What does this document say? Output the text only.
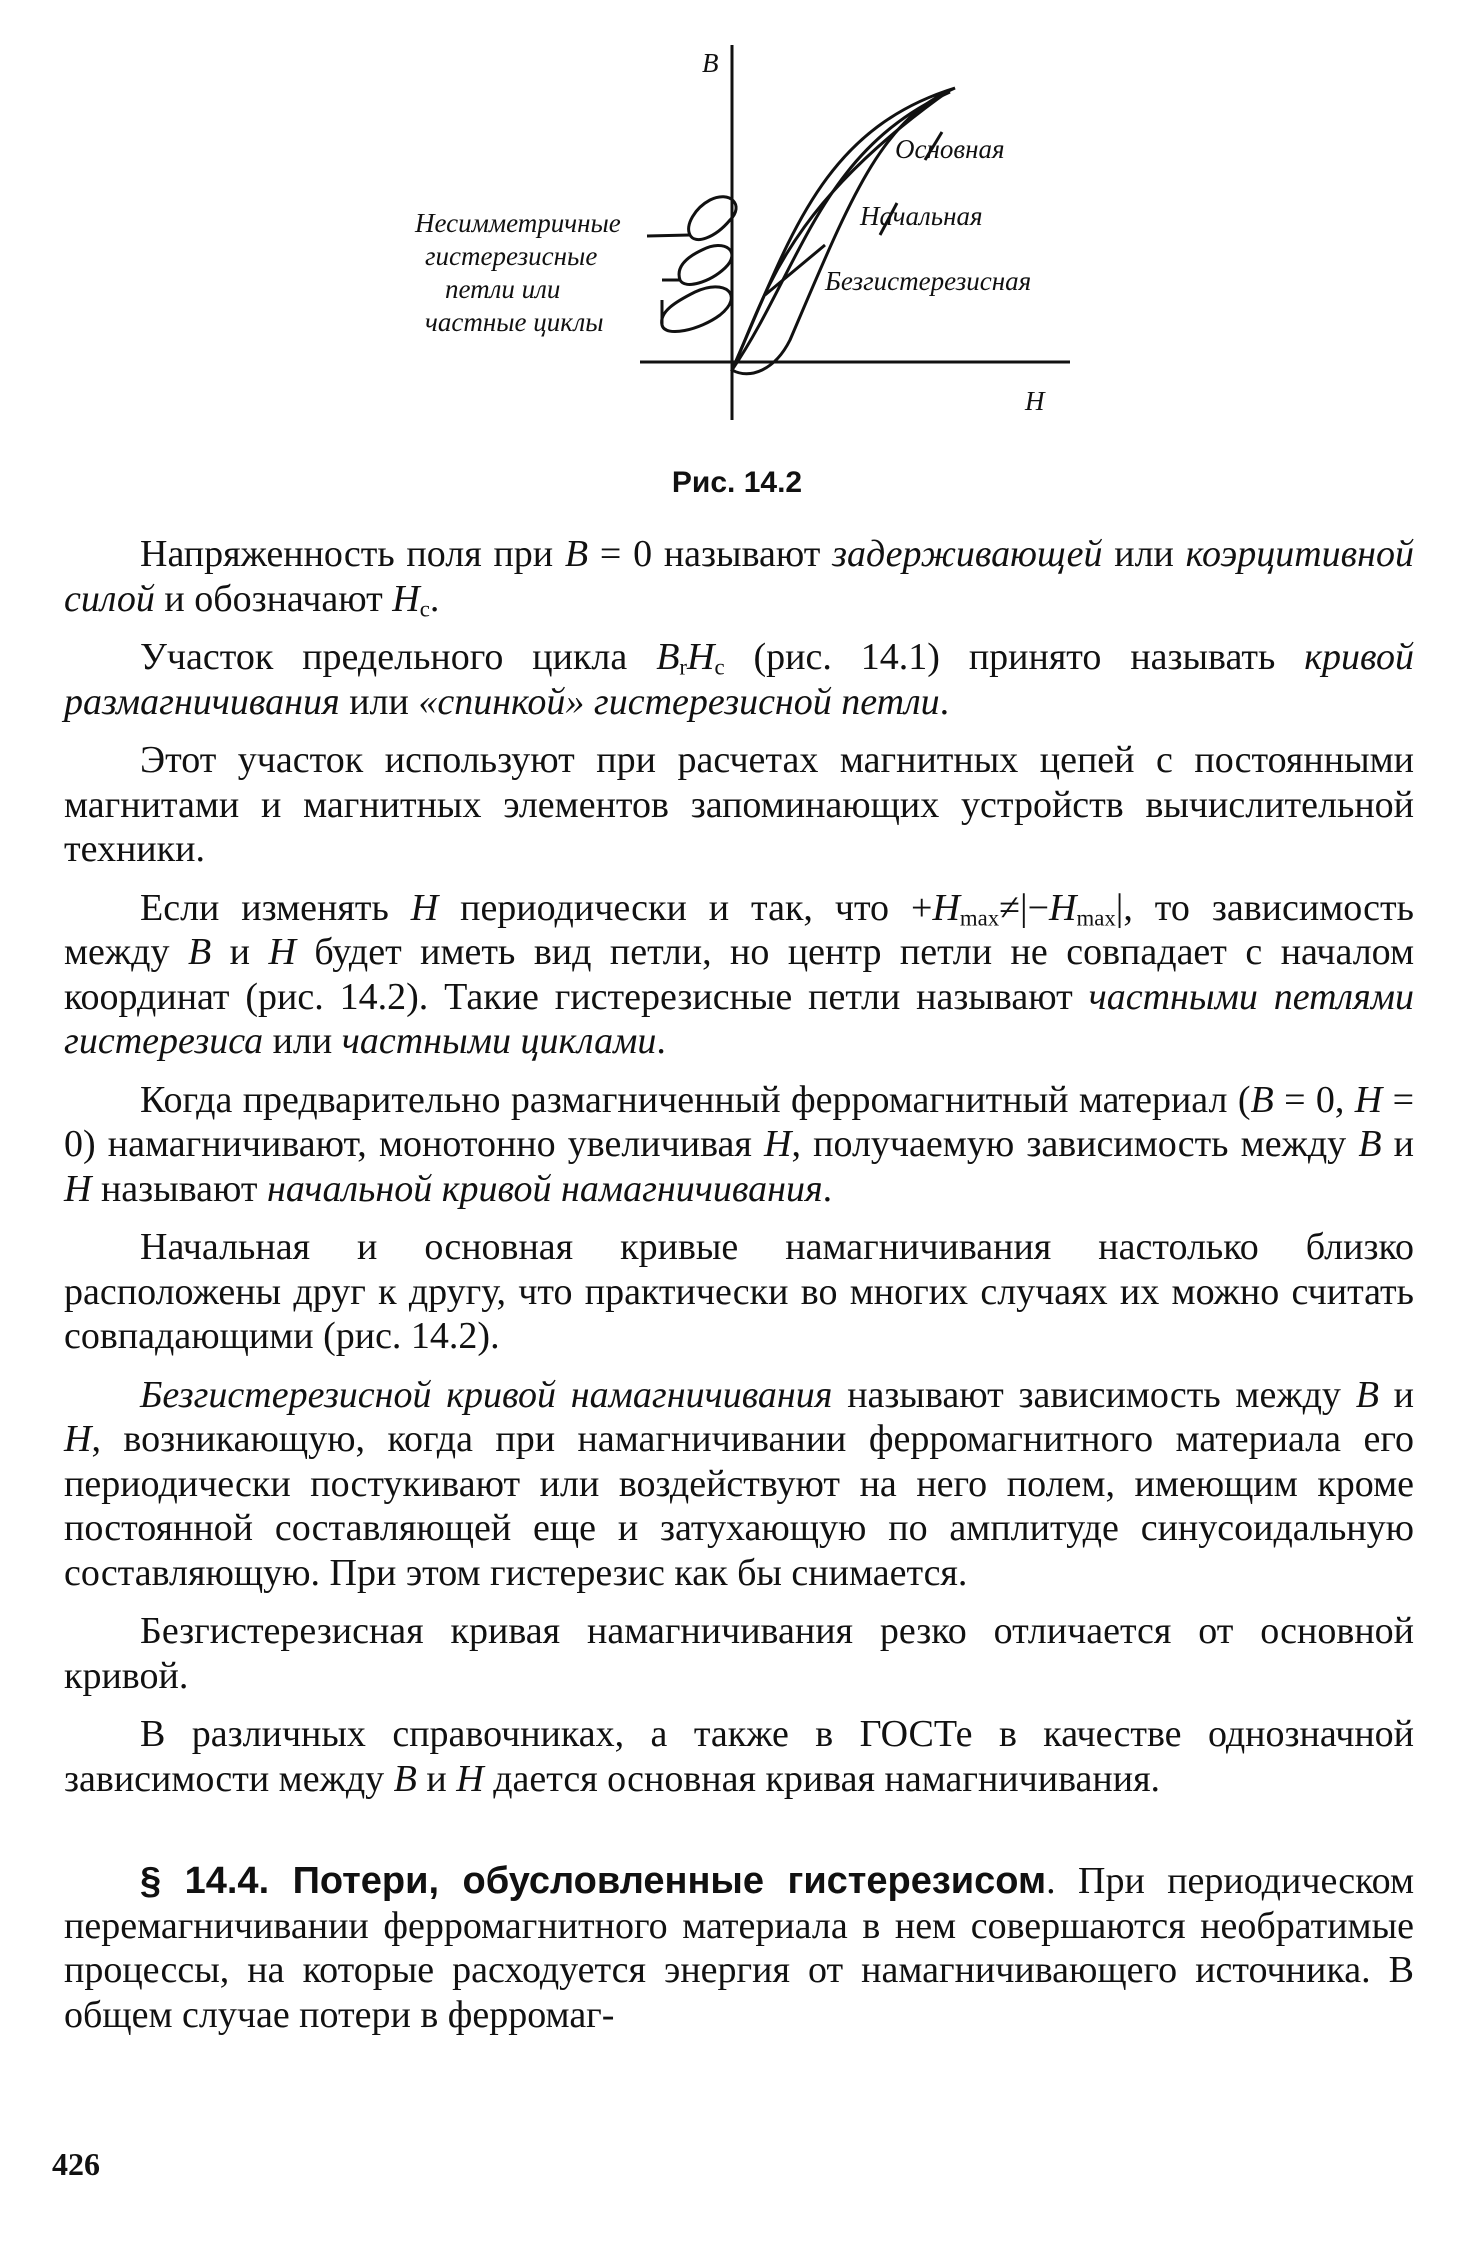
B
H
Основная
Начальная
Безгистерезисная
Несимметричные
гистерезисные
петли или
частные циклы
Рис. 14.2

Напряженность поля при B = 0 называют задерживающей или коэрцитивной силой и обозначают $H_c$.

Участок предельного цикла $B_rH_c$ (рис. 14.1) принято называть кривой размагничивания или «спинкой» гистерезисной петли.

Этот участок используют при расчетах магнитных цепей с постоянными магнитами и магнитных элементов запоминающих устройств вычислительной техники.

Если изменять H периодически и так, что $+H_{max}\ne|-H_{max}|$, то зависимость между B и H будет иметь вид петли, но центр петли не совпадает с началом координат (рис. 14.2). Такие гистерезисные петли называют частными петлями гистерезиса или частными циклами.

Когда предварительно размагниченный ферромагнитный материал (B = 0, H = 0) намагничивают, монотонно увеличивая H, получаемую зависимость между B и H называют начальной кривой намагничивания.

Начальная и основная кривые намагничивания настолько близко расположены друг к другу, что практически во многих случаях их можно считать совпадающими (рис. 14.2).

Безгистерезисной кривой намагничивания называют зависимость между B и H, возникающую, когда при намагничивании ферромагнитного материала его периодически постукивают или воздействуют на него полем, имеющим кроме постоянной составляющей еще и затухающую по амплитуде синусоидальную составляющую. При этом гистерезис как бы снимается.

Безгистерезисная кривая намагничивания резко отличается от основной кривой.

В различных справочниках, а также в ГОСТе в качестве однозначной зависимости между B и H дается основная кривая намагничивания.

§ 14.4. Потери, обусловленные гистерезисом. При периодическом перемагничивании ферромагнитного материала в нем совершаются необратимые процессы, на которые расходуется энергия от намагничивающего источника. В общем случае потери в ферромаг-

426
